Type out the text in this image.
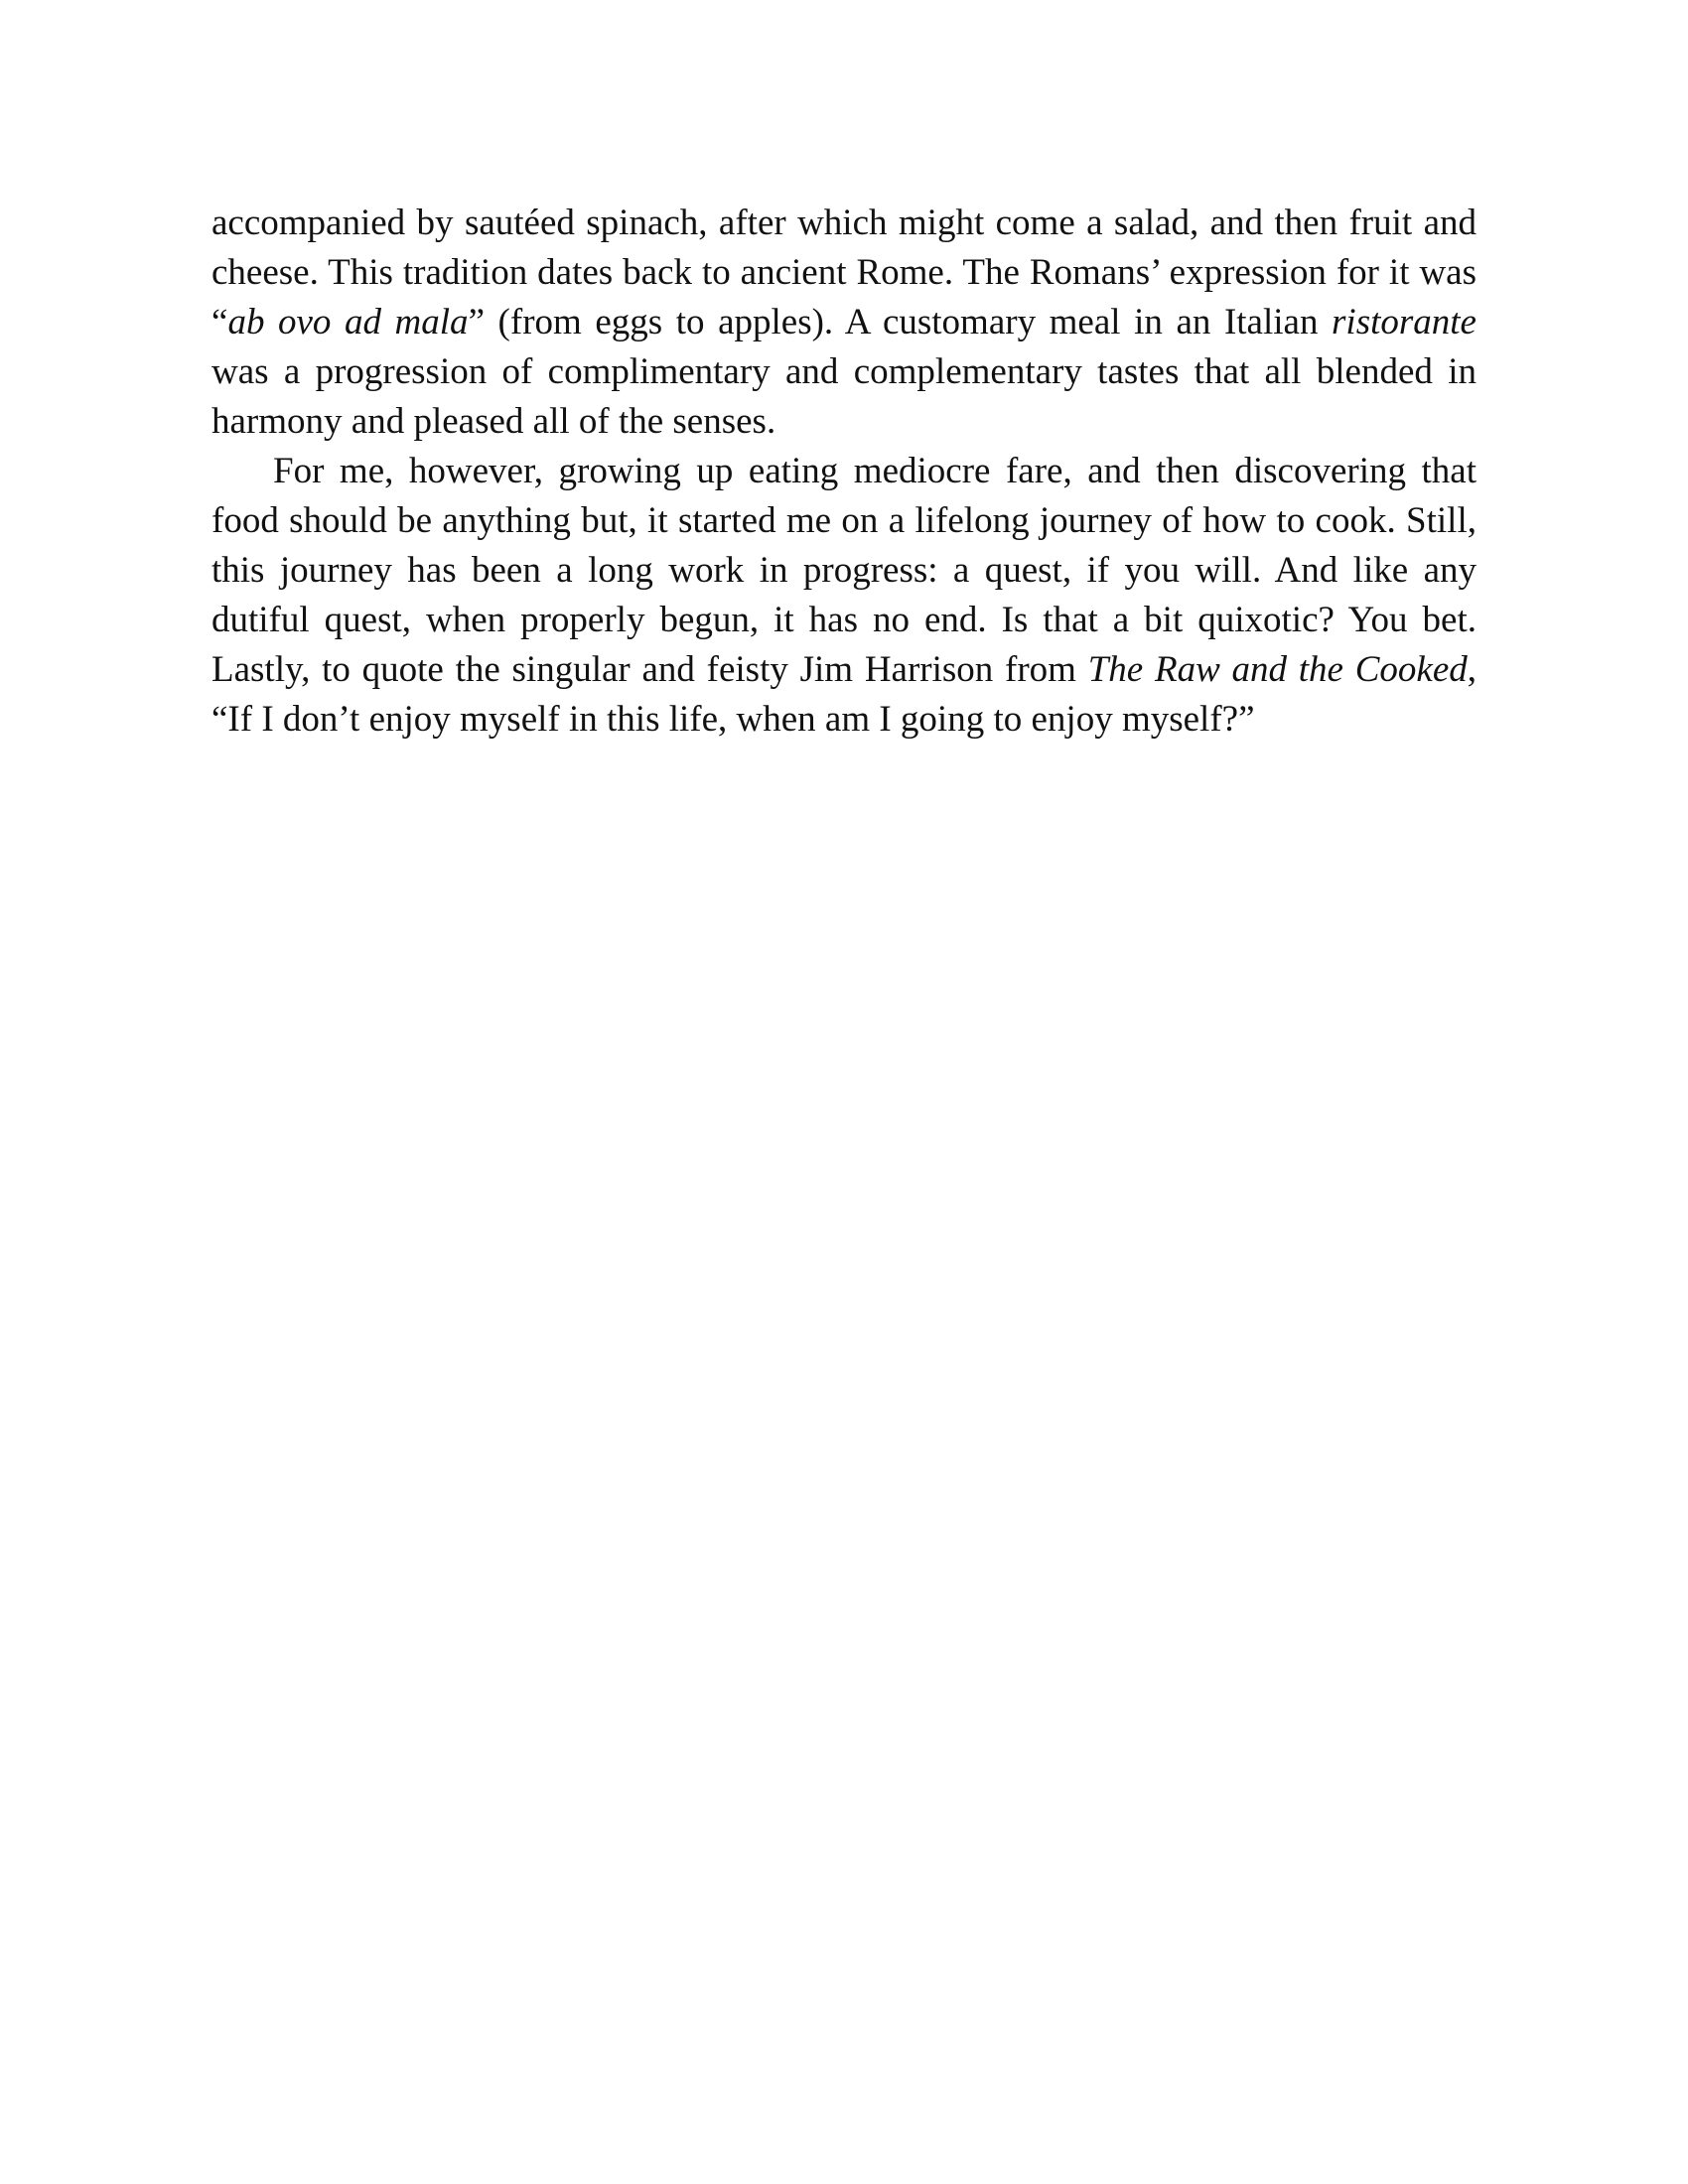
accompanied by sautéed spinach, after which might come a salad, and then fruit and cheese. This tradition dates back to ancient Rome. The Romans’ expression for it was “ab ovo ad mala” (from eggs to apples). A customary meal in an Italian ristorante was a progression of complimentary and complementary tastes that all blended in harmony and pleased all of the senses.

For me, however, growing up eating mediocre fare, and then discovering that food should be anything but, it started me on a lifelong journey of how to cook. Still, this journey has been a long work in progress: a quest, if you will. And like any dutiful quest, when properly begun, it has no end. Is that a bit quixotic? You bet. Lastly, to quote the singular and feisty Jim Harrison from The Raw and the Cooked, “If I don’t enjoy myself in this life, when am I going to enjoy myself?”
